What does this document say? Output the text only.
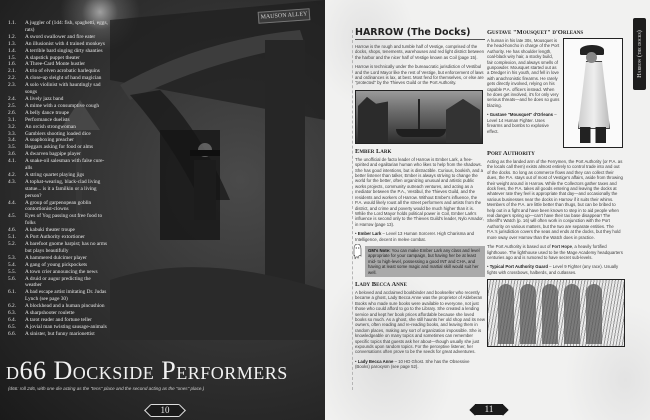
MAUSON ALLEY
1.1.	A juggler of (1d4: fish, spaghetti, eggs, rats)
1.2.	A sword swallower and fire eater
1.3.	An illusionist with 4 trained monkeys
1.4.	A terrible bard singing dirty shanties
1.5.	A slapstick puppet theater
1.6.	A Three-Card Monte hustler
2.1.	A trio of elven acrobatic harlequins
2.2.	A close-up sleight of hand magician
2.3.	A solo violinist with hauntingly sad songs
2.4.	A lively jazz band
2.5.	A mime with a consumptive cough
2.6.	A belly dance troupe
3.1.	Performance duelists
3.2.	An orcish strongwoman
3.3.	Gamblers shooting loaded dice
3.4.	A soapboxing preacher
3.5.	Beggars asking for food or alms
3.6.	A dwarven bagpipe player
4.1.	A snake-oil salesman with false cure-alls
4.2.	A string quartet playing jigs
4.3.	A tophat-wearing, black-clad living statue... is it a familkin or a living person?
4.4.	A group of garpenopean goblin contortionist-clowns
4.5.	Eyes of Yog passing out free food to folks
4.6.	A kabuki theater troupe
5.1.	A Port Authority extortioner
5.2.	A barefoot gnome harpist; has no arms but plays beautifully
5.3.	A hammered dulcimer player
5.4.	A gang of young pickpockets
5.5.	A town crier announcing the news
5.6.	A druid or augur predicting the weather
6.1.	A bad escape artist imitating Dr. Judas Lynch (see page 30)
6.2.	A blockhead and a human pincushion
6.3.	A sharpshooter roulette
6.4.	A tarot reader and fortune teller
6.5.	A jovial man twisting sausage-animals
6.6.	A sinister, but funny marionettist
d66 Dockside Performers
(d66: roll 2d6, with one die acting as the "tens" place and the second acting as the "ones" place.)
10
HARROW (The Docks)

Harrow is the rough and tumble half of Vestige, comprised of the docks, shops, tenements, warehouses and red light district between the harbor and the nicer half of Vestige known as Coil (page 15).

Harrow is technically under the bureaucratic jurisdiction of Vestibul and the Lord Mayor like the rest of Vestige, but enforcement of laws and ordinances is lax, at best. Most fend for themselves, or else are "protected" by the Thieves Guild or the Port Authority.

Ember Lark

The unofficial de facto leader of Harrow is Ember Lark, a free-spirited and egalitarian human who likes to help from the shadows. She has good intentions, but is distractible. Curious, bookish, and a better listener than talker, Ember is always striving to change the world for the better, often organizing unusual and artistic public works projects, community outreach ventures, and acting as a mediator between the P.A., Vestibul, the Thieves Guild, and the residents and workers of Harrow. Without Ember's influence, the P.A. would likely roust all the street performers and artists from the district, and crime and poverty would be much higher than it is. While the Lord Mayor holds political power in Coil, Ember Lark's influence is second only to the Thieves Guild's leader, Nylo Amador, in Harrow (page 13).

• Ember Lark – Level 13 Human Sorcerer. High Charisma and Intelligence, decent in melee combat.

GM's Note: You can make Ember Lark any class and level appropriate for your campaign, but having her be at least mid- to high-level, possessing a good INT and CHA, and having at least some magic and martial skill would suit her well.
Lady Becca Anne

A beloved and acclaimed bookbinder and bookseller who recently became a ghost, Lady Becca Anne was the proprietor of Aldeberan Books who made sure books were available to everyone, not just those who could afford to go to the Library. She created a lending service and kept her book prices affordable because she loved books so much. As a ghost, she still haunts her old shop and its new owners, often reading and re-reading books, and leaving them in random places, making any sort of organization impossible. She is knowledgeable on many topics and sometimes can remember specific topics that guests ask her about—though usually she just expounds upon random topics. For the perceptive listener, her conversations often prove to be the seeds for great adventures.

• Lady Becca Anne – 10 HD Ghost. She has the Obsessive (Books) paroxysm (see page 52).

Gustave "Mousquet" d'Orleans

A human in his late 30s, Mousquet is the head-honcho in charge of the Port Authority. He has shoulder length, coal-black wiry hair, a stocky build, fair complexion, and always smells of gunpowder. Mousquet started out as a Dredger in his youth, and fell in love with anachronistic firearms. He rarely gets directly involved, relying on his capable P.A. officers instead. When he does get involved, it's for only very serious threats—and he does so guns blazing.

• Gustave "Mousquet" d'Orleans – Level 14 Human Fighter. Uses firearms and bombs to explosive effect.

Port Authority

Acting as the landed arm of the Ferrymen, the Port Authority (or P.A. as the locals call them) exists almost entirely to control trade into and out of the docks. So long as commerce flows and they can collect their dues, the P.A. stays out of most of Vestige's affairs, aside from throwing their weight around in Harrow. While the Collectors gather taxes and dock fees, the P.A. takes all goods entering and leaving the docks at whatever rate they feel is appropriate that day—and occasionally the various businesses near the docks in Harrow if it suits their whims. Members of the P.A. are little better than thugs, but can be bribed to help out in a fight and have been known to step in to aid people when real dangers spring up—can't have their tax base disappear! The Sheriff's Watch (p. 16) will often work in conjunction with the Port Authority on various matters, but the two are separate entities. The P.A.'s jurisdiction covers the seas and ends at the docks, but they hold more sway over Harrow than the Watch does in practice.

The Port Authority is based out of Fort Hope, a heavily fortified lighthouse. The lighthouse used to be the Mage Academy headquarters centuries ago and is rumored to have secret sub-levels.

• Typical Port Authority Guard – Level 9 Fighter (any race). Usually fights with crossbows, halberds, and cutlasses.

Harrow (the docks)
11
